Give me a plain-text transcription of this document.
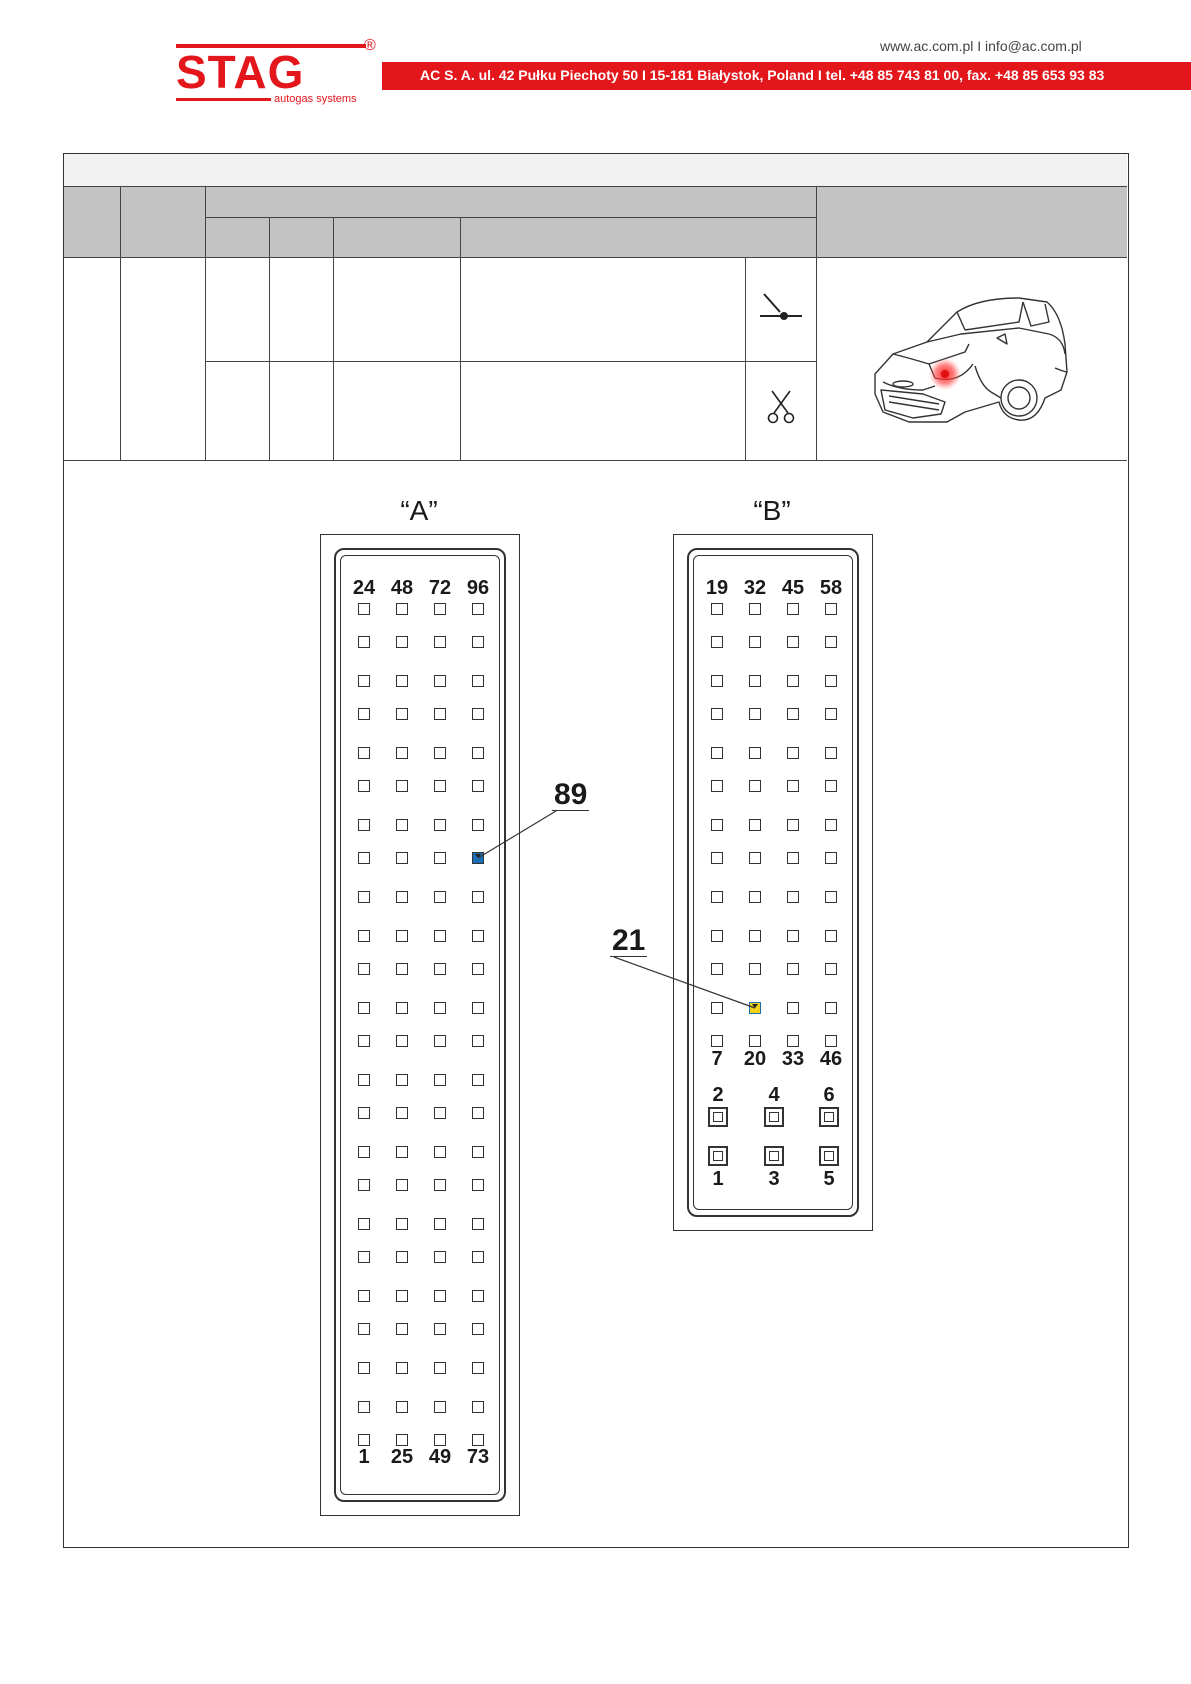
STAG
autogas systems
®	www.ac.com.pl I info@ac.com.pl
AC S. A. ul. 42 Pułku Piechoty 50 I 15-181 Białystok, Poland I tel. +48 85 743 81 00, fax. +48 85 653 93 83
“A”
24 48 72 96
1 25 49 73
89
“B”
19 32 45 58
7 20 33 46
2 4 6
1 3 5
21
